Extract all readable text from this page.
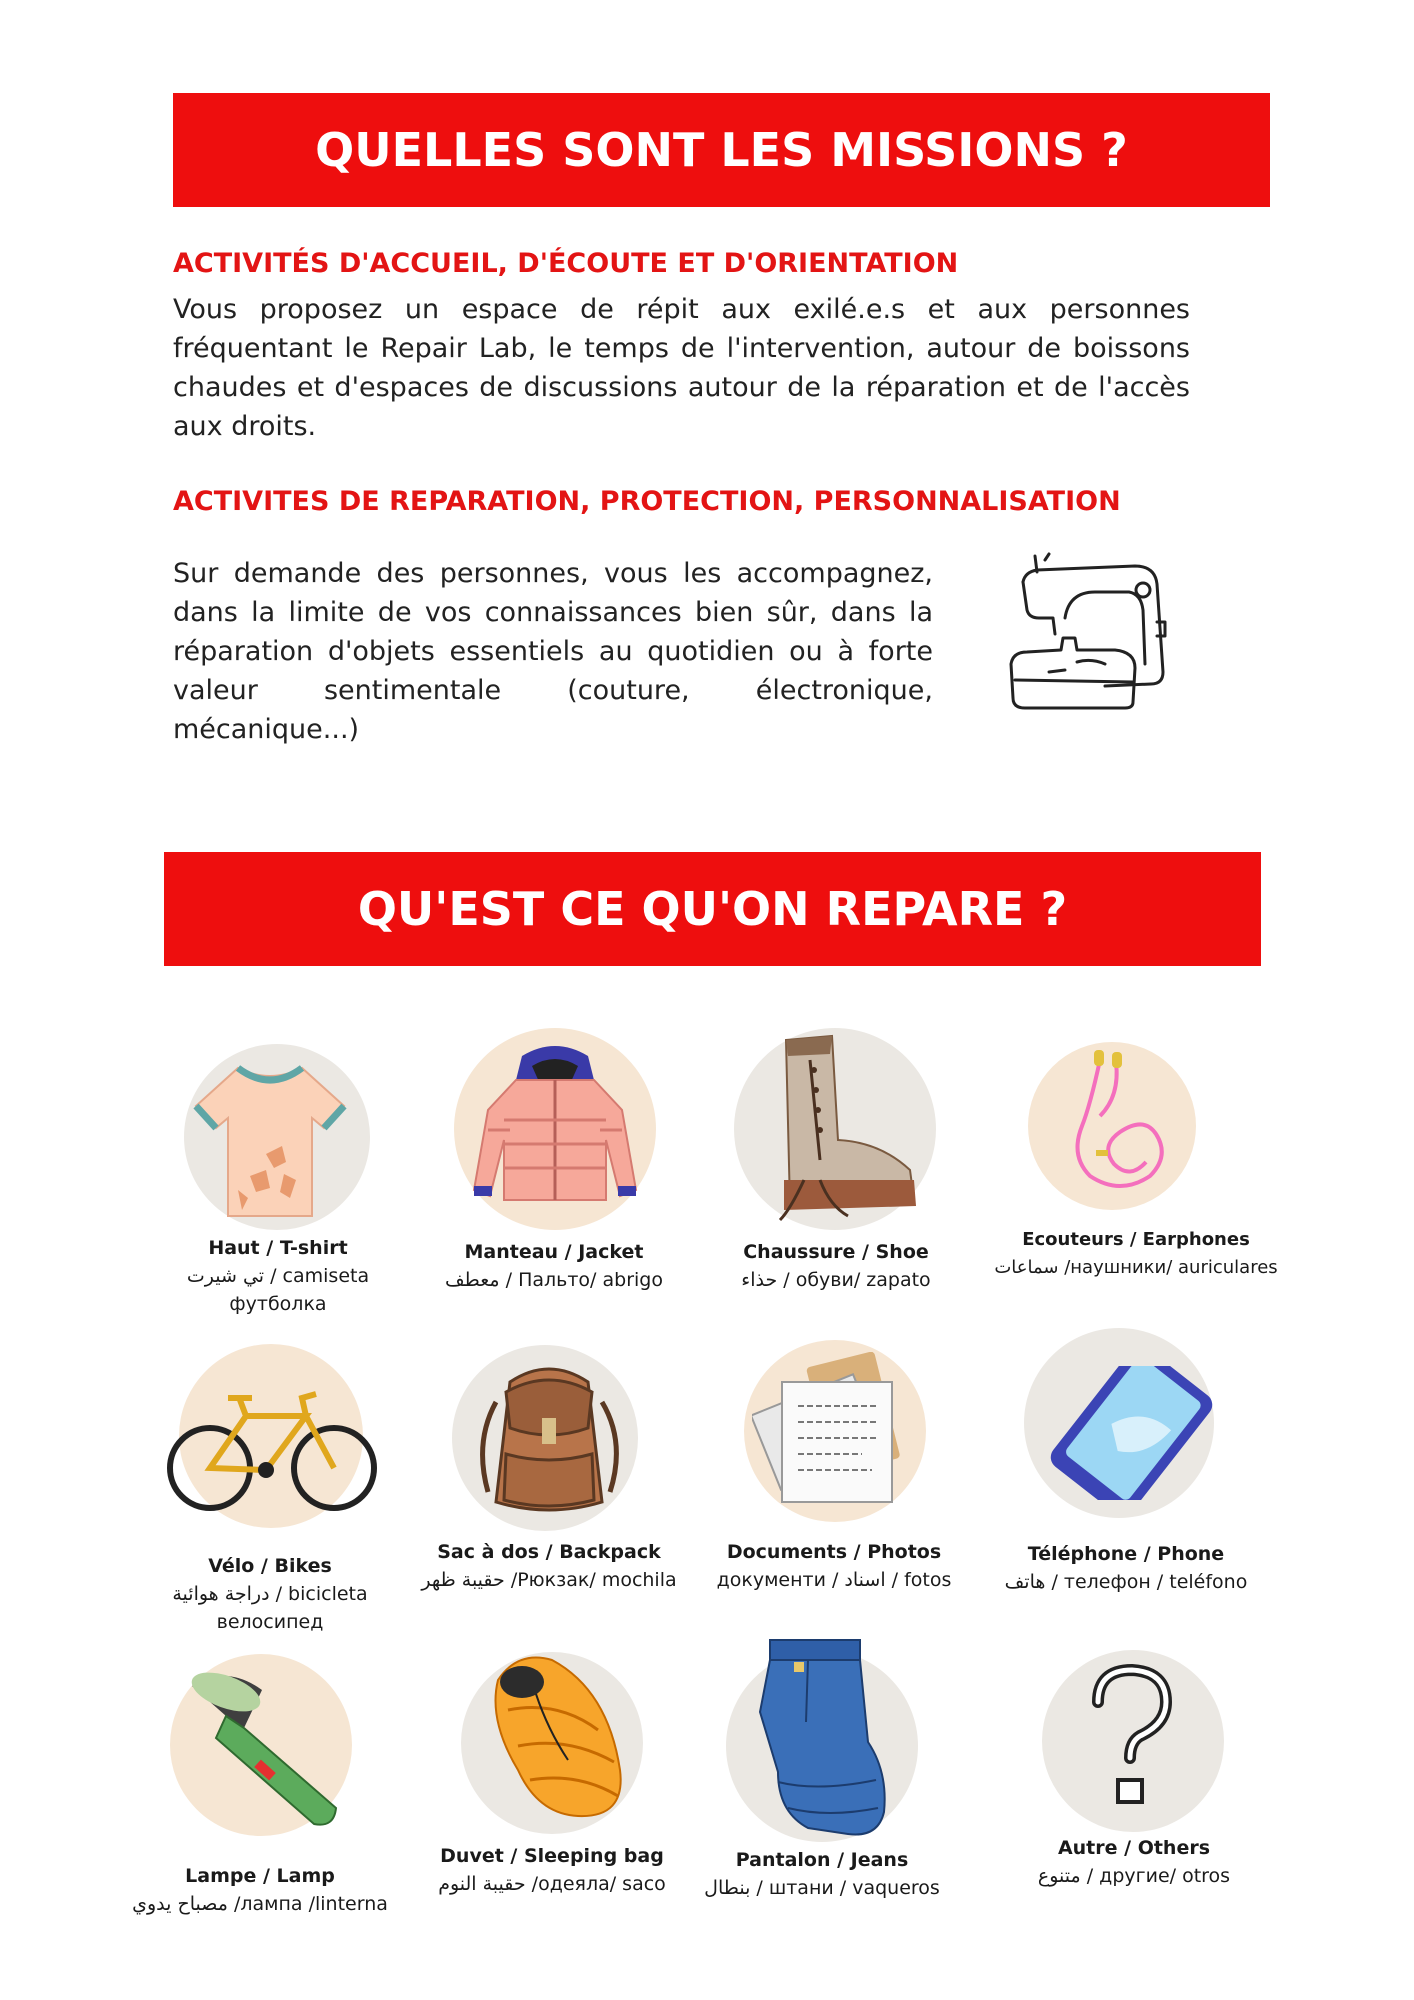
QUELLES SONT LES MISSIONS ?
ACTIVITÉS D'ACCUEIL, D'ÉCOUTE ET D'ORIENTATION
Vous proposez un espace de répit aux exilé.e.s et aux personnes fréquentant le Repair Lab, le temps de l'intervention, autour de boissons chaudes et d'espaces de discussions autour de la réparation et de l'accès aux droits.
ACTIVITES DE REPARATION, PROTECTION, PERSONNALISATION
Sur demande des personnes, vous les accompagnez, dans la limite de vos connaissances bien sûr, dans la réparation d'objets essentiels au quotidien ou à forte valeur sentimentale (couture, électronique, mécanique...)
QU'EST CE QU'ON REPARE ?
Haut / T-shirt
تي شيرت / camiseta
футболка
Manteau / Jacket
معطف / Пальто/ abrigo
Chaussure / Shoe
حذاء / обуви/ zapato
Ecouteurs / Earphones
سماعات /наушники/ auriculares
Vélo / Bikes
دراجة هوائية / bicicleta
велосипед
Sac à dos / Backpack
حقيبة ظهر /Рюкзак/ mochila
Documents / Photos
документи / اسناد / fotos
Téléphone / Phone
هاتف / телефон / teléfono
Lampe / Lamp
مصباح يدوي /лампа /linterna
Duvet / Sleeping bag
حقيبة النوم /одеяла/ saco
Pantalon / Jeans
بنطال / штани / vaqueros
Autre / Others
متنوع / другие/ otros
